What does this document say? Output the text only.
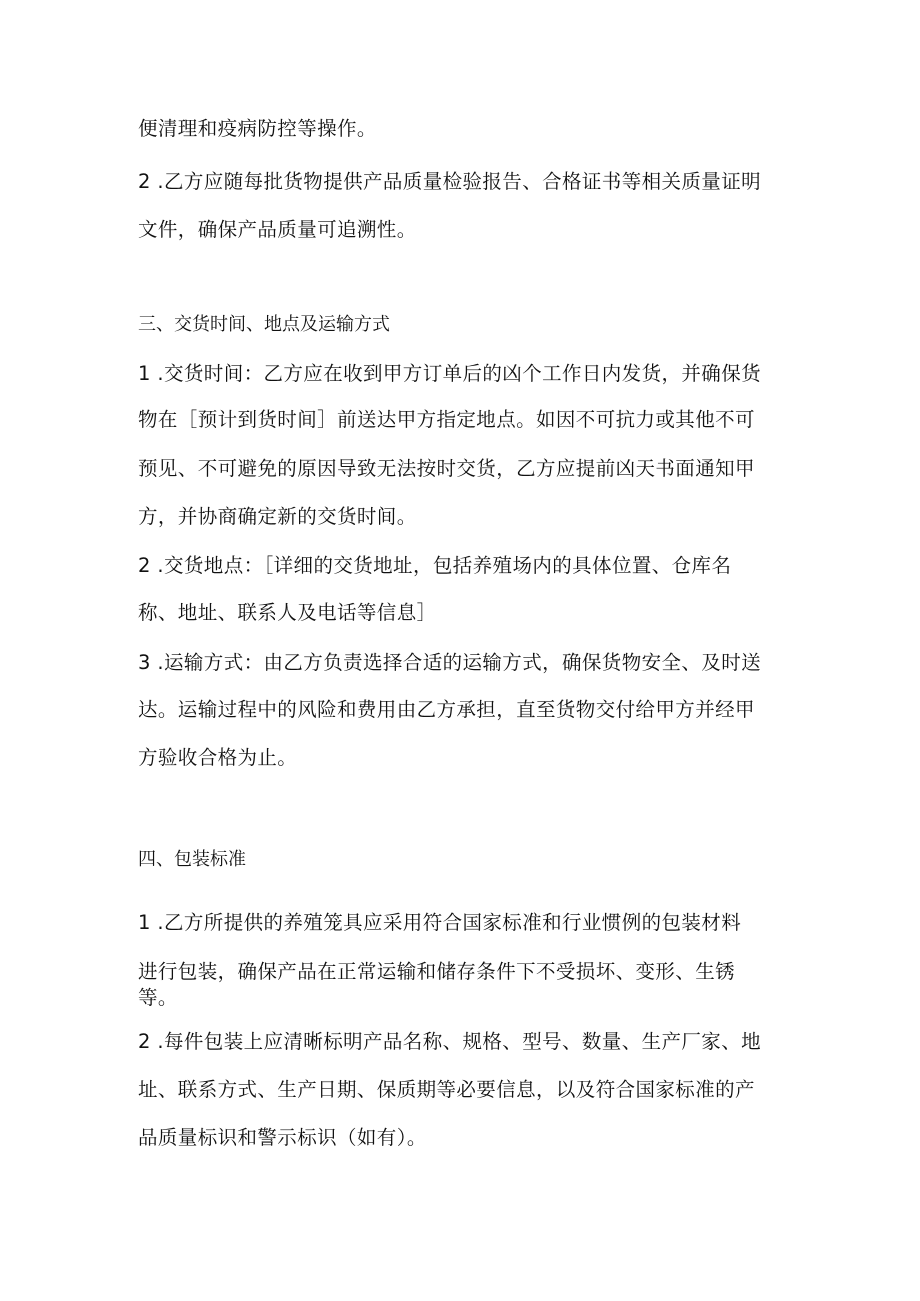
便清理和疫病防控等操作。
2 .乙方应随每批货物提供产品质量检验报告、合格证书等相关质量证明
文件，确保产品质量可追溯性。
三、交货时间、地点及运输方式
1 .交货时间：乙方应在收到甲方订单后的凶个工作日内发货，并确保货
物在［预计到货时间］前送达甲方指定地点。如因不可抗力或其他不可
预见、不可避免的原因导致无法按时交货，乙方应提前凶天书面通知甲
方，并协商确定新的交货时间。
2 .交货地点：［详细的交货地址，包括养殖场内的具体位置、仓库名
称、地址、联系人及电话等信息］
3 .运输方式：由乙方负责选择合适的运输方式，确保货物安全、及时送
达。运输过程中的风险和费用由乙方承担，直至货物交付给甲方并经甲
方验收合格为止。
四、包装标准
1 .乙方所提供的养殖笼具应采用符合国家标准和行业惯例的包装材料
进行包装，确保产品在正常运输和储存条件下不受损坏、变形、生锈
等。
2 .每件包装上应清晰标明产品名称、规格、型号、数量、生产厂家、地
址、联系方式、生产日期、保质期等必要信息，以及符合国家标准的产
品质量标识和警示标识（如有）。
